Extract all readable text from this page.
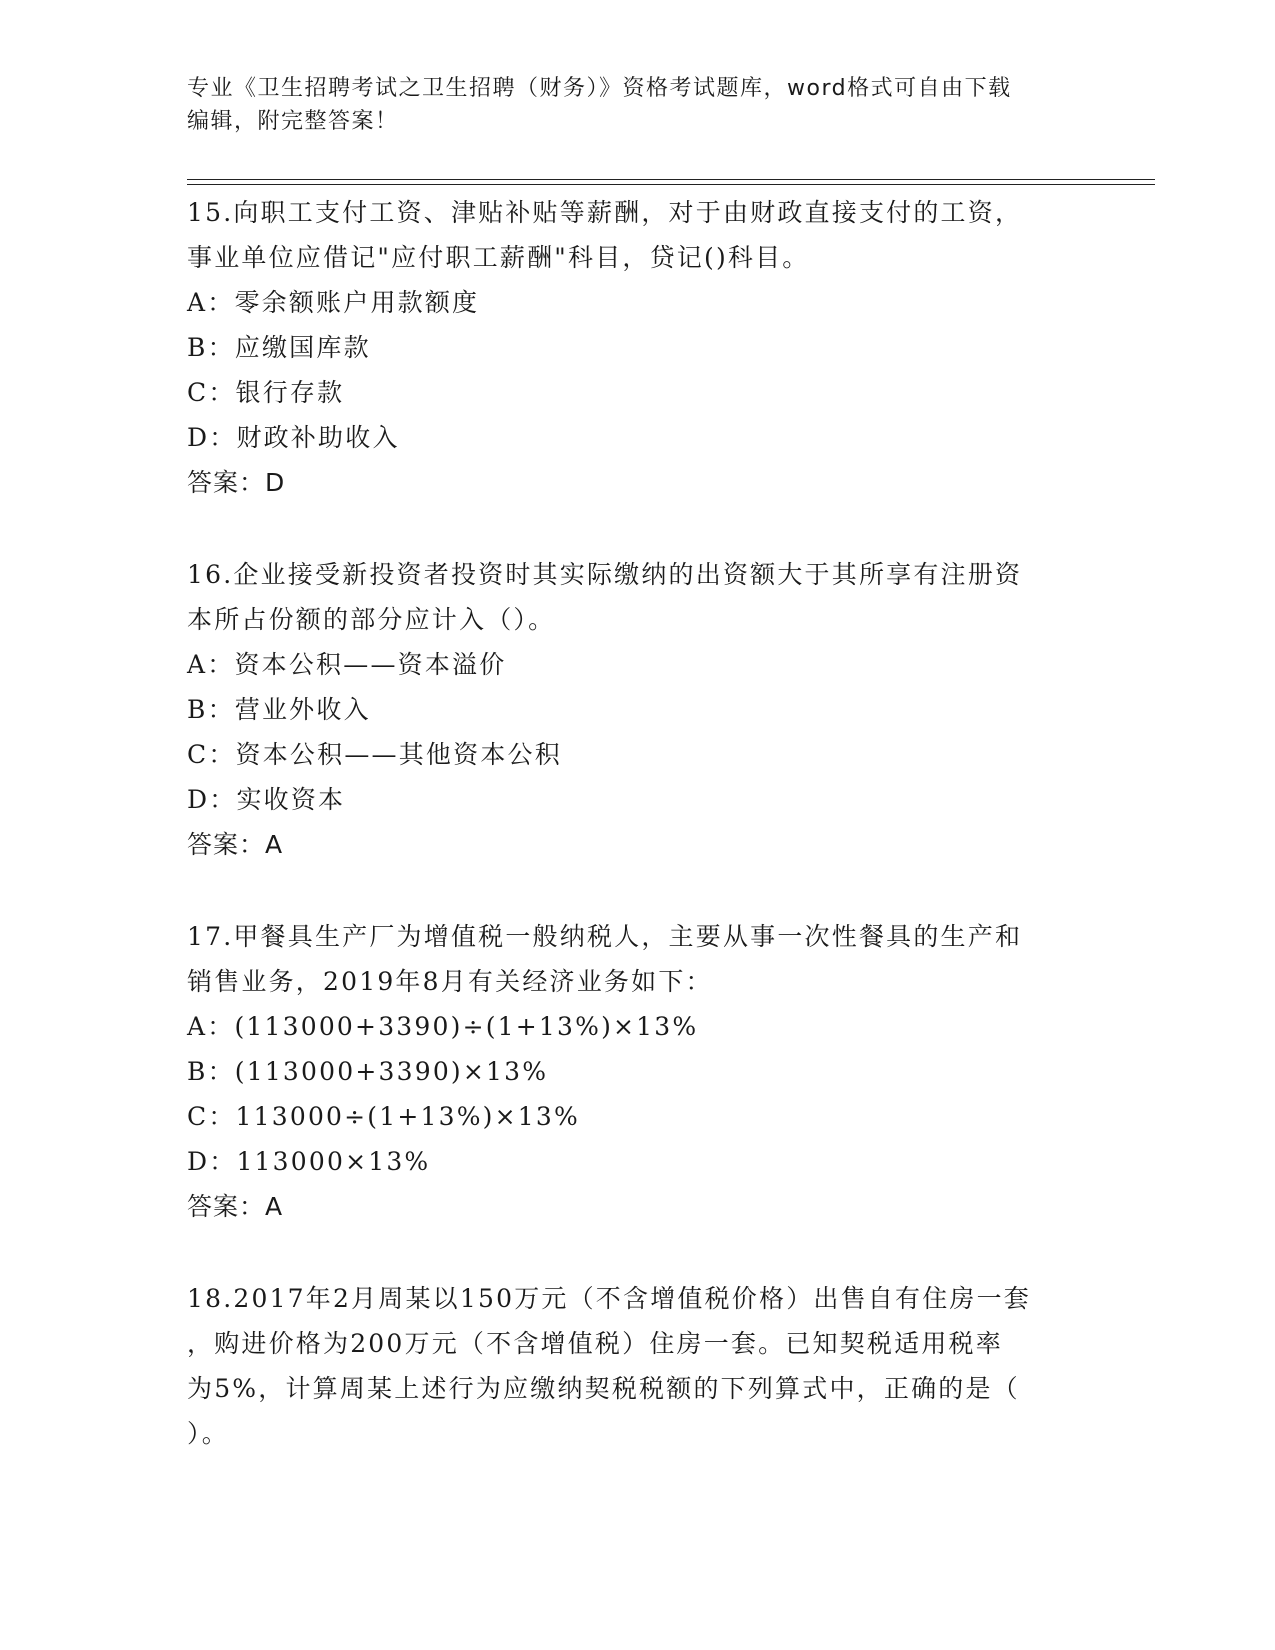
专业《卫生招聘考试之卫生招聘（财务）》资格考试题库，word格式可自由下载
编辑，附完整答案！
15.向职工支付工资、津贴补贴等薪酬，对于由财政直接支付的工资，
事业单位应借记"应付职工薪酬"科目，贷记()科目。
A：零余额账户用款额度
B：应缴国库款
C：银行存款
D：财政补助收入
答案：D
16.企业接受新投资者投资时其实际缴纳的出资额大于其所享有注册资
本所占份额的部分应计入（）。
A：资本公积——资本溢价
B：营业外收入
C：资本公积——其他资本公积
D：实收资本
答案：A
17.甲餐具生产厂为增值税一般纳税人，主要从事一次性餐具的生产和
销售业务，2019年8月有关经济业务如下：
A：(113000+3390)÷(1+13%)×13%
B：(113000+3390)×13%
C：113000÷(1+13%)×13%
D：113000×13%
答案：A
18.2017年2月周某以150万元（不含增值税价格）出售自有住房一套
，购进价格为200万元（不含增值税）住房一套。已知契税适用税率
为5%，计算周某上述行为应缴纳契税税额的下列算式中，正确的是（
）。
